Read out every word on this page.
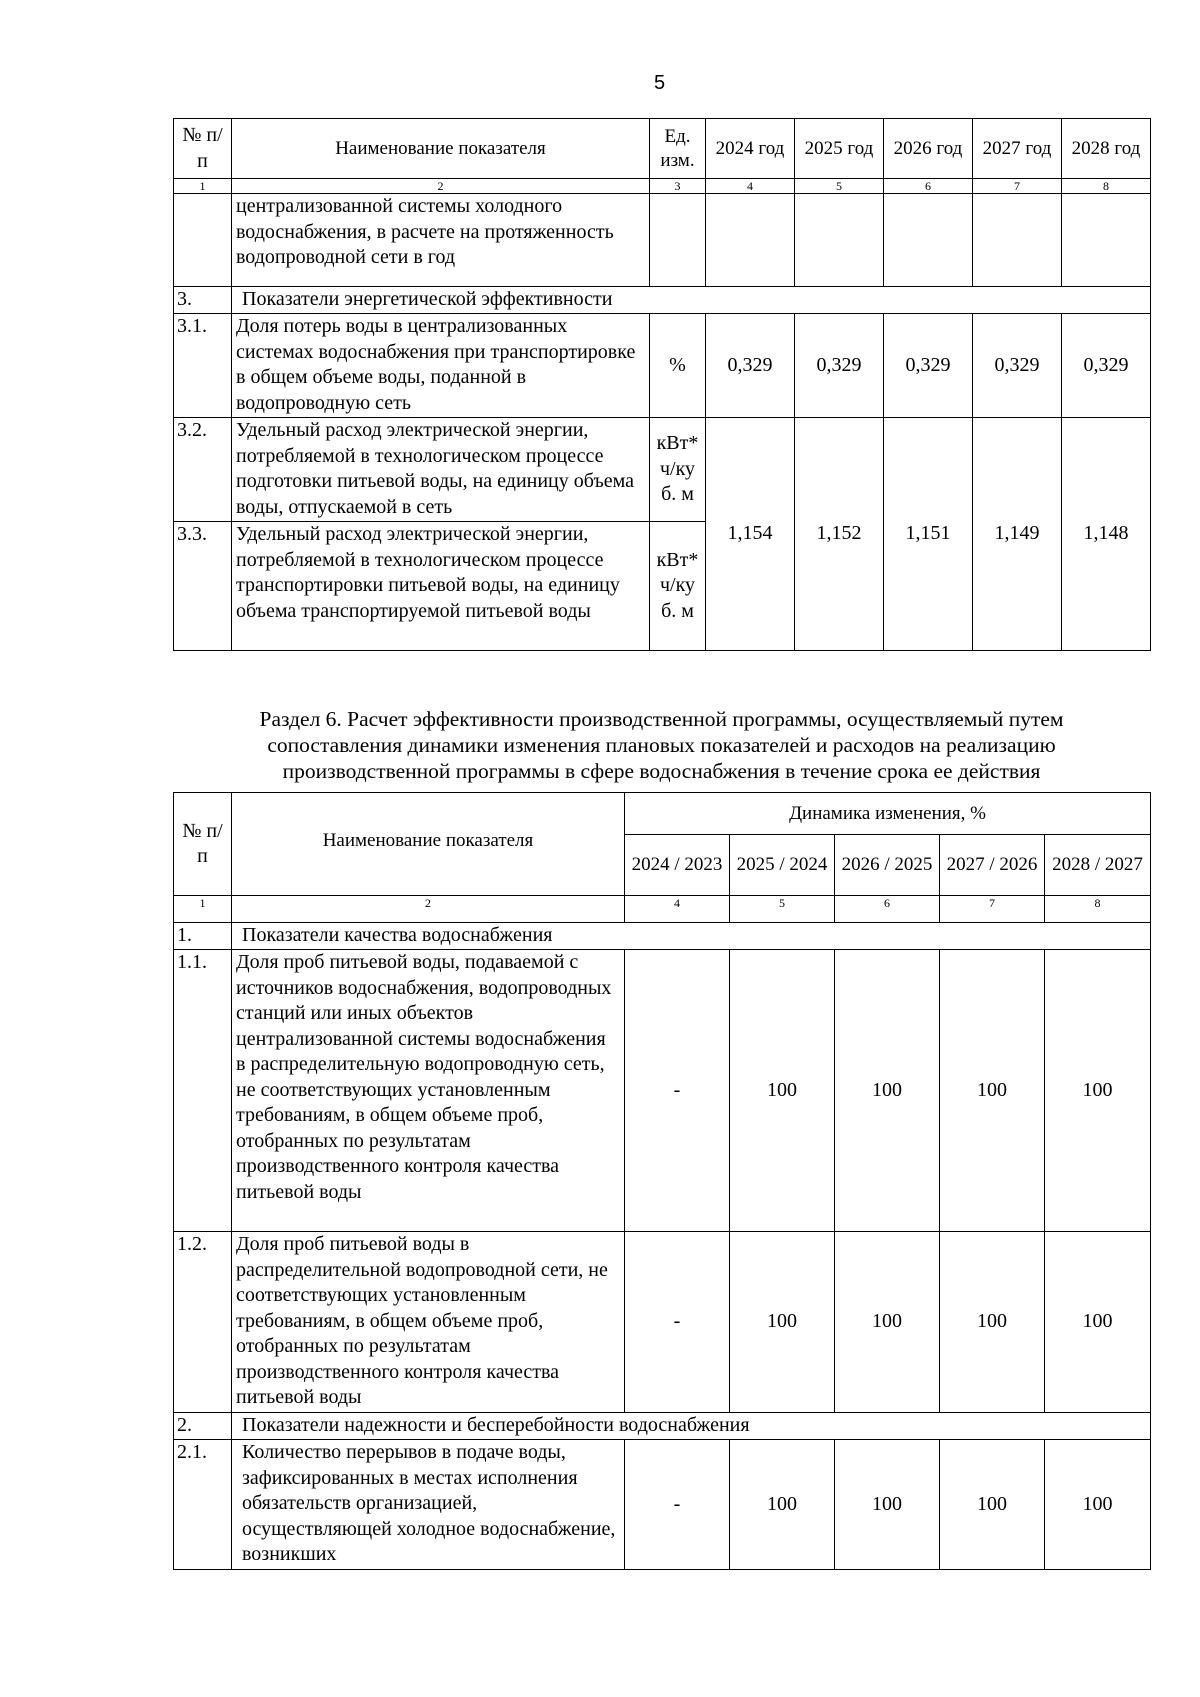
5
№ п/п	Наименование показателя	Ед. изм.	2024 год	2025 год	2026 год	2027 год	2028 год
1	2	3	4	5	6	7	8
	централизованной системы холодного водоснабжения, в расчете на протяженность водопроводной сети в год						
3.	Показатели энергетической эффективности						
3.1.	Доля потерь воды в централизованных системах водоснабжения при транспортировке в общем объеме воды, поданной в водопроводную сеть	%	0,329	0,329	0,329	0,329	0,329
3.2.	Удельный расход электрической энергии, потребляемой в технологическом процессе подготовки питьевой воды, на единицу объема воды, отпускаемой в сеть	кВт* ч/ку б. м	1,154	1,152	1,151	1,149	1,148
3.3.	Удельный расход электрической энергии, потребляемой в технологическом процессе транспортировки питьевой воды, на единицу объема транспортируемой питьевой воды	кВт* ч/ку б. м					
Раздел 6. Расчет эффективности производственной программы, осуществляемый путем
сопоставления динамики изменения плановых показателей и расходов на реализацию
производственной программы в сфере водоснабжения в течение срока ее действия
№ п/п	Наименование показателя	Динамика изменения, %				
		2024 / 2023	2025 / 2024	2026 / 2025	2027 / 2026	2028 / 2027
1	2	4	5	6	7	8
1.	Показатели качества водоснабжения					
1.1.	Доля проб питьевой воды, подаваемой с источников водоснабжения, водопроводных станций или иных объектов централизованной системы водоснабжения в распределительную водопроводную сеть, не соответствующих установленным требованиям, в общем объеме проб, отобранных по результатам производственного контроля качества питьевой воды	-	100	100	100	100
1.2.	Доля проб питьевой воды в распределительной водопроводной сети, не соответствующих установленным требованиям, в общем объеме проб, отобранных по результатам производственного контроля качества питьевой воды	-	100	100	100	100
2.	Показатели надежности и бесперебойности водоснабжения					
2.1.	Количество перерывов в подаче воды, зафиксированных в местах исполнения обязательств организацией, осуществляющей холодное водоснабжение, возникших	-	100	100	100	100
